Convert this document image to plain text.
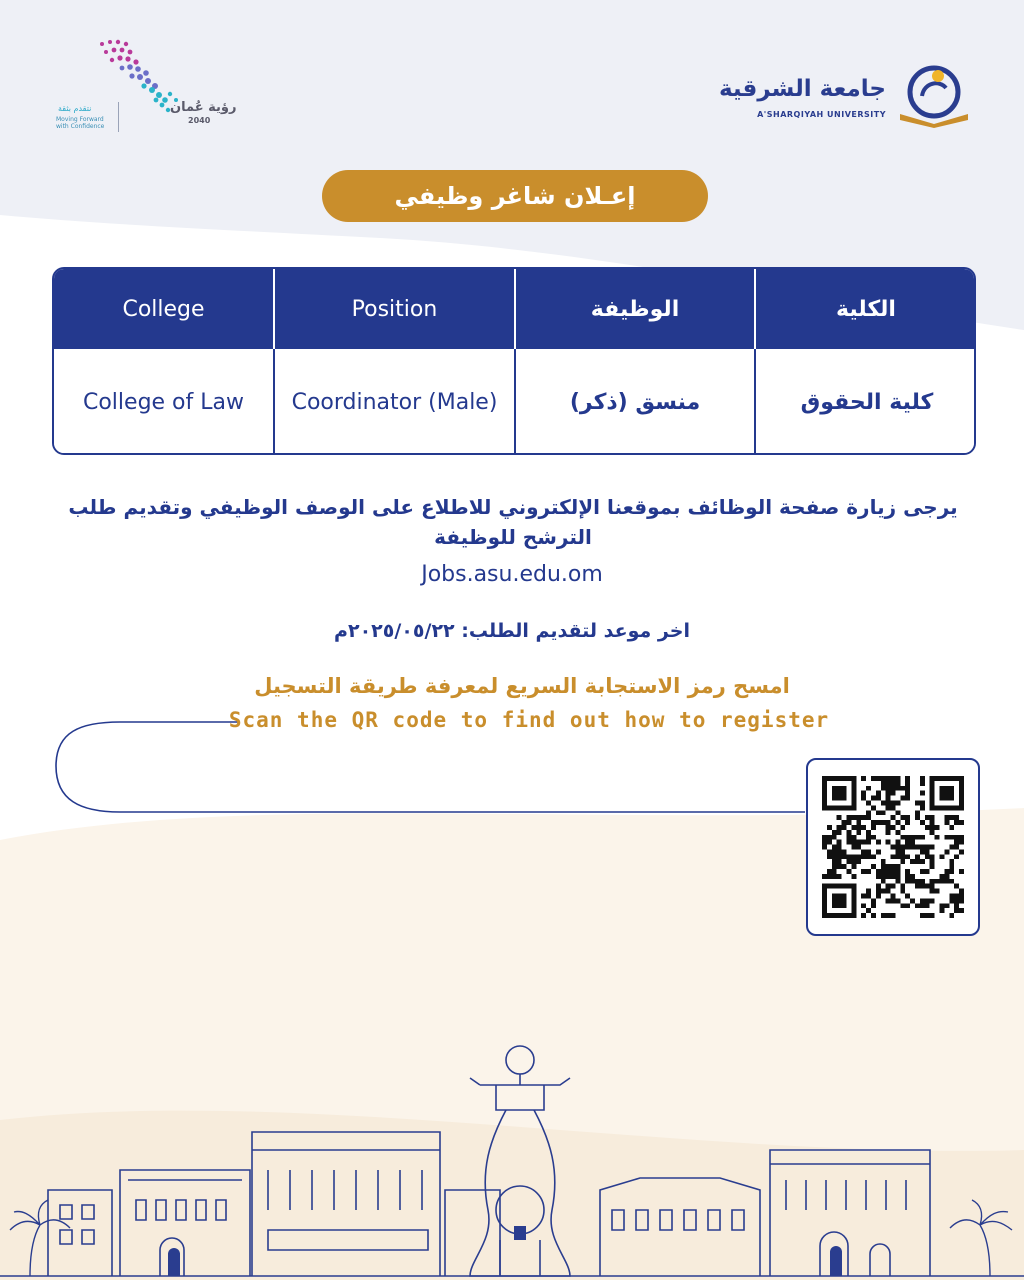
جامعة الشرقية
A'SHARQIYAH UNIVERSITY
رؤية عُمان
2040
نتقدم بثقة
Moving Forward
with Confidence
إعـلان شاغر وظيفي
College	Position	الوظيفة	الكلية
College of Law	Coordinator (Male)	منسق (ذكر)	كلية الحقوق
يرجى زيارة صفحة الوظائف بموقعنا الإلكتروني للاطلاع على الوصف الوظيفي وتقديم طلب الترشح للوظيفة
Jobs.asu.edu.om
اخر موعد لتقديم الطلب: ٢٠٢٥/٠٥/٢٢م
امسح رمز الاستجابة السريع لمعرفة طريقة التسجيل
Scan the QR code to find out how to register
